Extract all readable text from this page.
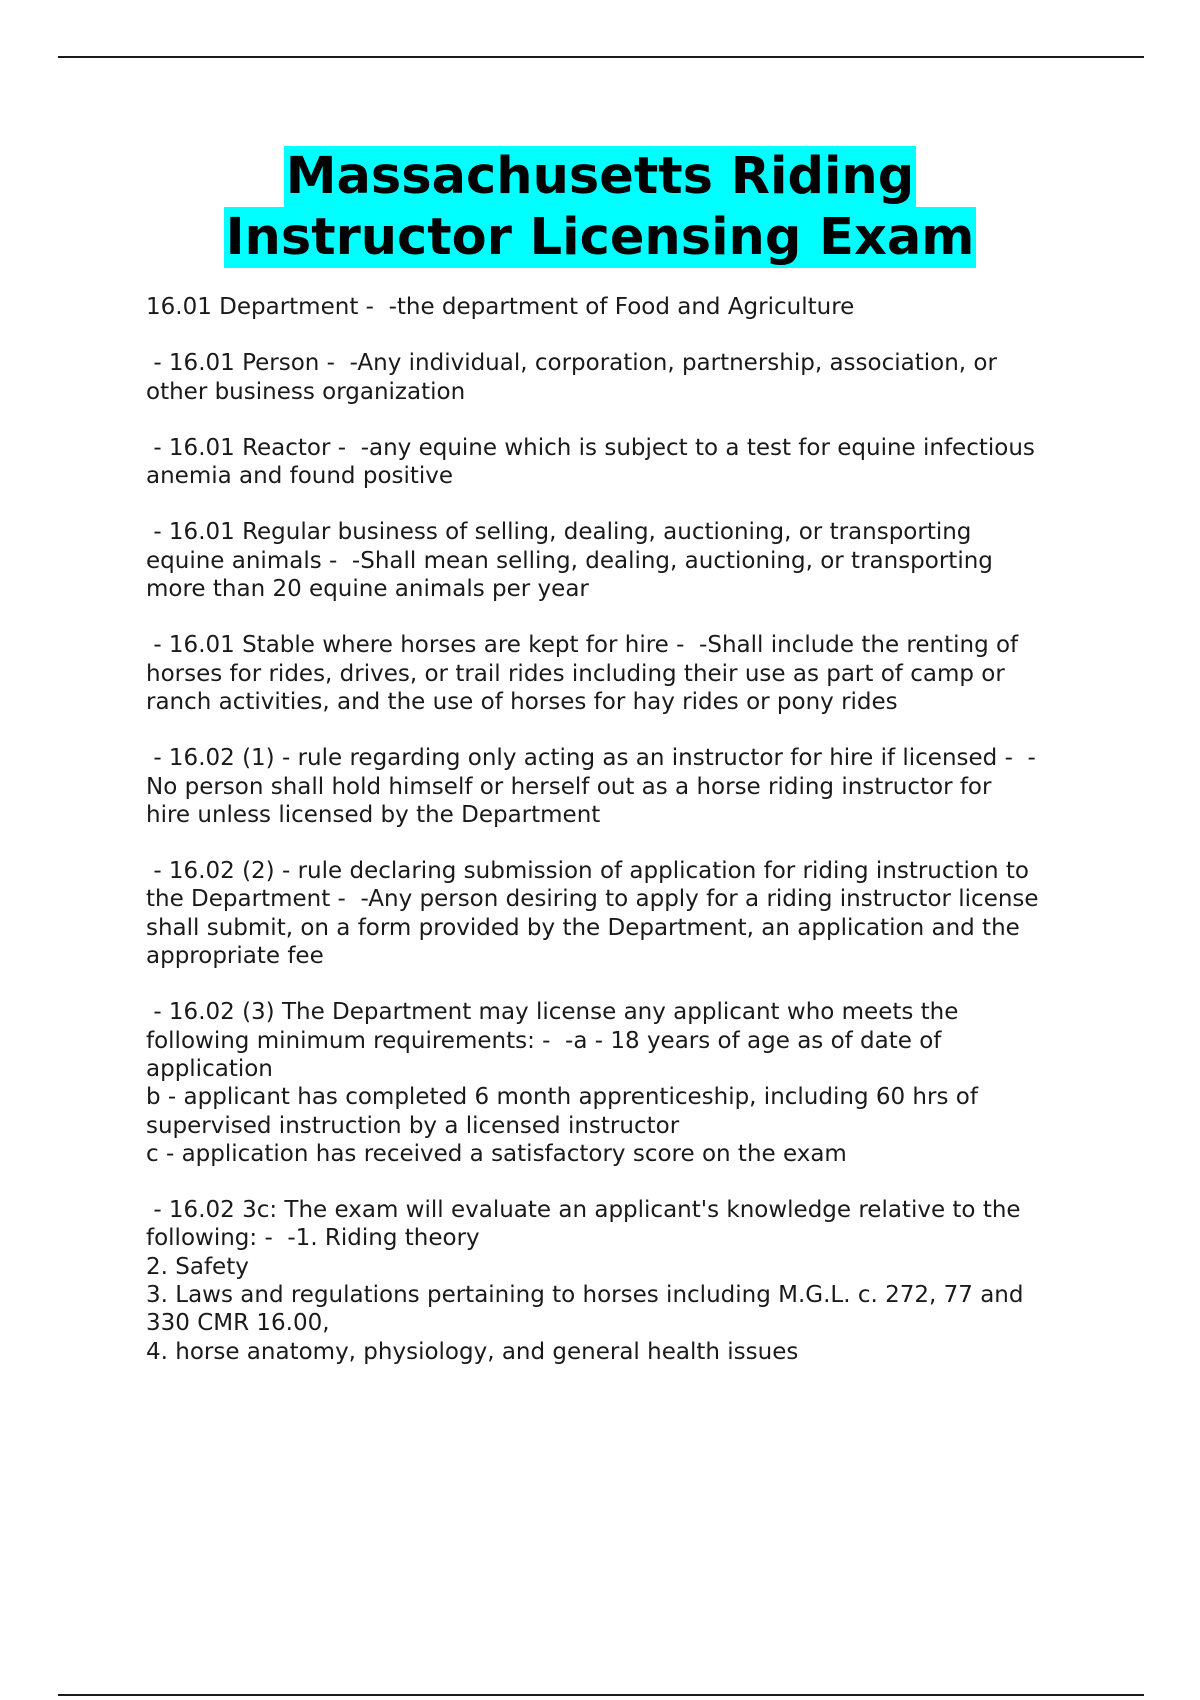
Massachusetts Riding
Instructor Licensing Exam
16.01 Department -  -the department of Food and Agriculture
- 16.01 Person -  -Any individual, corporation, partnership, association, or
other business organization
- 16.01 Reactor -  -any equine which is subject to a test for equine infectious
anemia and found positive
- 16.01 Regular business of selling, dealing, auctioning, or transporting
equine animals -  -Shall mean selling, dealing, auctioning, or transporting
more than 20 equine animals per year
- 16.01 Stable where horses are kept for hire -  -Shall include the renting of
horses for rides, drives, or trail rides including their use as part of camp or
ranch activities, and the use of horses for hay rides or pony rides
- 16.02 (1) - rule regarding only acting as an instructor for hire if licensed -  -
No person shall hold himself or herself out as a horse riding instructor for
hire unless licensed by the Department
- 16.02 (2) - rule declaring submission of application for riding instruction to
the Department -  -Any person desiring to apply for a riding instructor license
shall submit, on a form provided by the Department, an application and the
appropriate fee
- 16.02 (3) The Department may license any applicant who meets the
following minimum requirements: -  -a - 18 years of age as of date of
application
b - applicant has completed 6 month apprenticeship, including 60 hrs of
supervised instruction by a licensed instructor
c - application has received a satisfactory score on the exam
- 16.02 3c: The exam will evaluate an applicant's knowledge relative to the
following: -  -1. Riding theory
2. Safety
3. Laws and regulations pertaining to horses including M.G.L. c. 272, 77 and
330 CMR 16.00,
4. horse anatomy, physiology, and general health issues
